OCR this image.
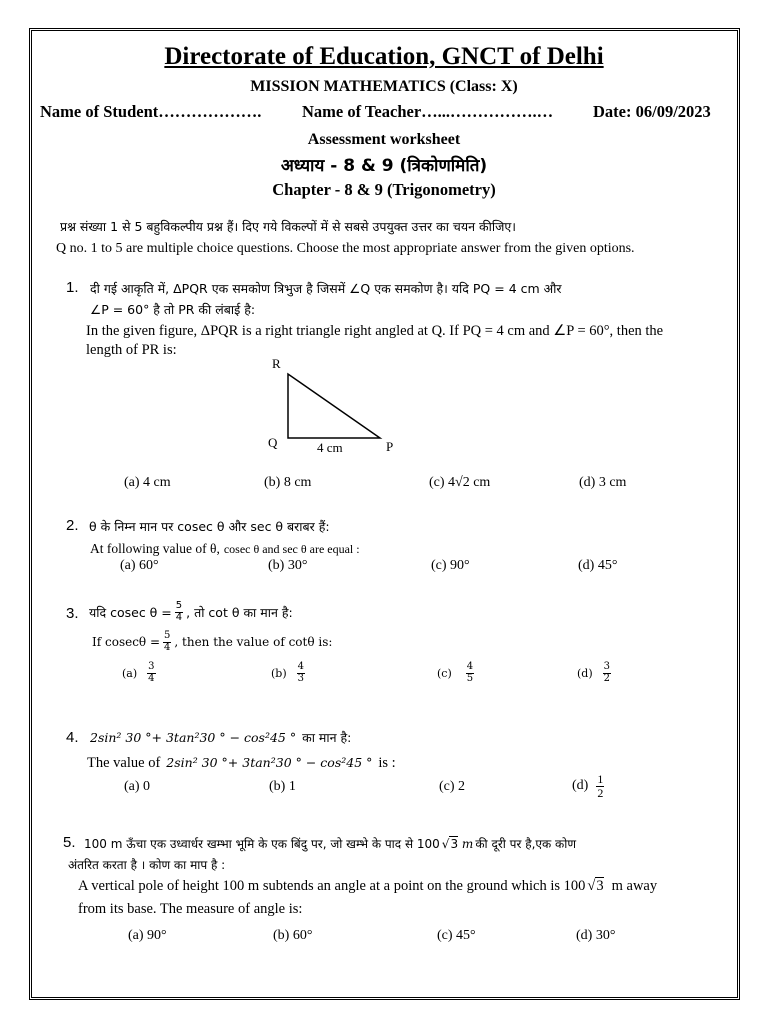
Directorate of Education, GNCT of Delhi
MISSION MATHEMATICS (Class: X)
Name of Student………………. Name of Teacher…...…………….… Date: 06/09/2023
Assessment worksheet
अध्याय - 8 & 9 (त्रिकोणमिति)
Chapter - 8 & 9 (Trigonometry)
प्रश्न संख्या 1 से 5 बहुविकल्पीय प्रश्न हैं। दिए गये विकल्पों में से सबसे उपयुक्त उत्तर का चयन कीजिए।
Q no. 1 to 5 are multiple choice questions. Choose the most appropriate answer from the given options.
1. दी गई आकृति में, ΔPQR एक समकोण त्रिभुज है जिसमें ∠Q एक समकोण है। यदि PQ = 4 cm और
∠P = 60° है तो PR की लंबाई है:
In the given figure, ΔPQR is a right triangle right angled at Q. If PQ = 4 cm and ∠P = 60°, then the
length of PR is:
R
Q	P
4 cm
(a) 4 cm	(b) 8 cm	(c) 4√2 cm	(d) 3 cm
2. θ के निम्न मान पर cosec θ और sec θ बराबर हैं:
At following value of θ, cosec θ and sec θ are equal :
(a) 60°	(b) 30°	(c) 90°	(d) 45°
3. यदि cosec $\theta = \frac{5}{4}$ , तो cot θ का मान है:
If $cosec\theta = \frac{5}{4}$ , then the value of cotθ is:
$(a) \frac{3}{4}$	$(b) \frac{4}{3}$	$(c) \frac{4}{5}$	$(d) \frac{3}{2}$
4. 2sin² 30 °+ 3tan²30 ° − cos²45 ° का मान है:
The value of 2sin² 30 °+ 3tan²30 ° − cos²45 ° is :
(a) 0	(b) 1	(c) 2	$(d) \frac{1}{2}$
5. 100 m ऊँचा एक उध्वार्धर खम्भा भूमि के एक बिंदु पर, जो खम्भे के पाद से 100 √3 m की दूरी पर है,एक कोण
अंतरित करता है । कोण का माप है :
A vertical pole of height 100 m subtends an angle at a point on the ground which is 100 √3 m away
from its base. The measure of angle is:
(a) 90°	(b) 60°	(c) 45°	(d) 30°
